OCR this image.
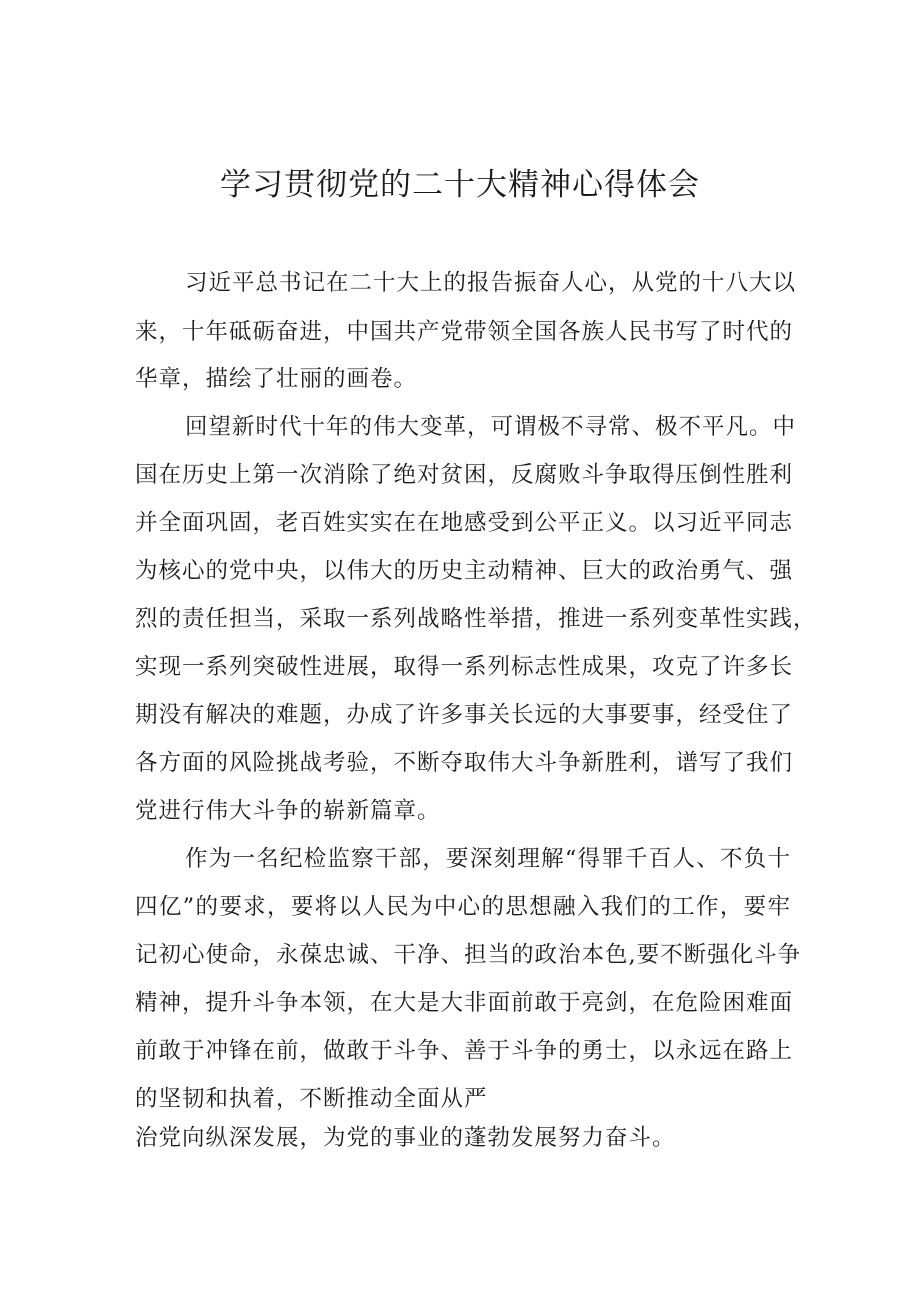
学习贯彻党的二十大精神心得体会
习近平总书记在二十大上的报告振奋人心，从党的十八大以
来，十年砥砺奋进，中国共产党带领全国各族人民书写了时代的
华章，描绘了壮丽的画卷。
回望新时代十年的伟大变革，可谓极不寻常、极不平凡。中
国在历史上第一次消除了绝对贫困，反腐败斗争取得压倒性胜利
并全面巩固，老百姓实实在在地感受到公平正义。以习近平同志
为核心的党中央，以伟大的历史主动精神、巨大的政治勇气、强
烈的责任担当，采取一系列战略性举措，推进一系列变革性实践，
实现一系列突破性进展，取得一系列标志性成果，攻克了许多长
期没有解决的难题，办成了许多事关长远的大事要事，经受住了
各方面的风险挑战考验，不断夺取伟大斗争新胜利，谱写了我们
党进行伟大斗争的崭新篇章。
作为一名纪检监察干部，要深刻理解“得罪千百人、不负十
四亿”的要求，要将以人民为中心的思想融入我们的工作，要牢
记初心使命，永葆忠诚、干净、担当的政治本色,要不断强化斗争
精神，提升斗争本领，在大是大非面前敢于亮剑，在危险困难面
前敢于冲锋在前，做敢于斗争、善于斗争的勇士，以永远在路上
的坚韧和执着，不断推动全面从严
治党向纵深发展，为党的事业的蓬勃发展努力奋斗。
